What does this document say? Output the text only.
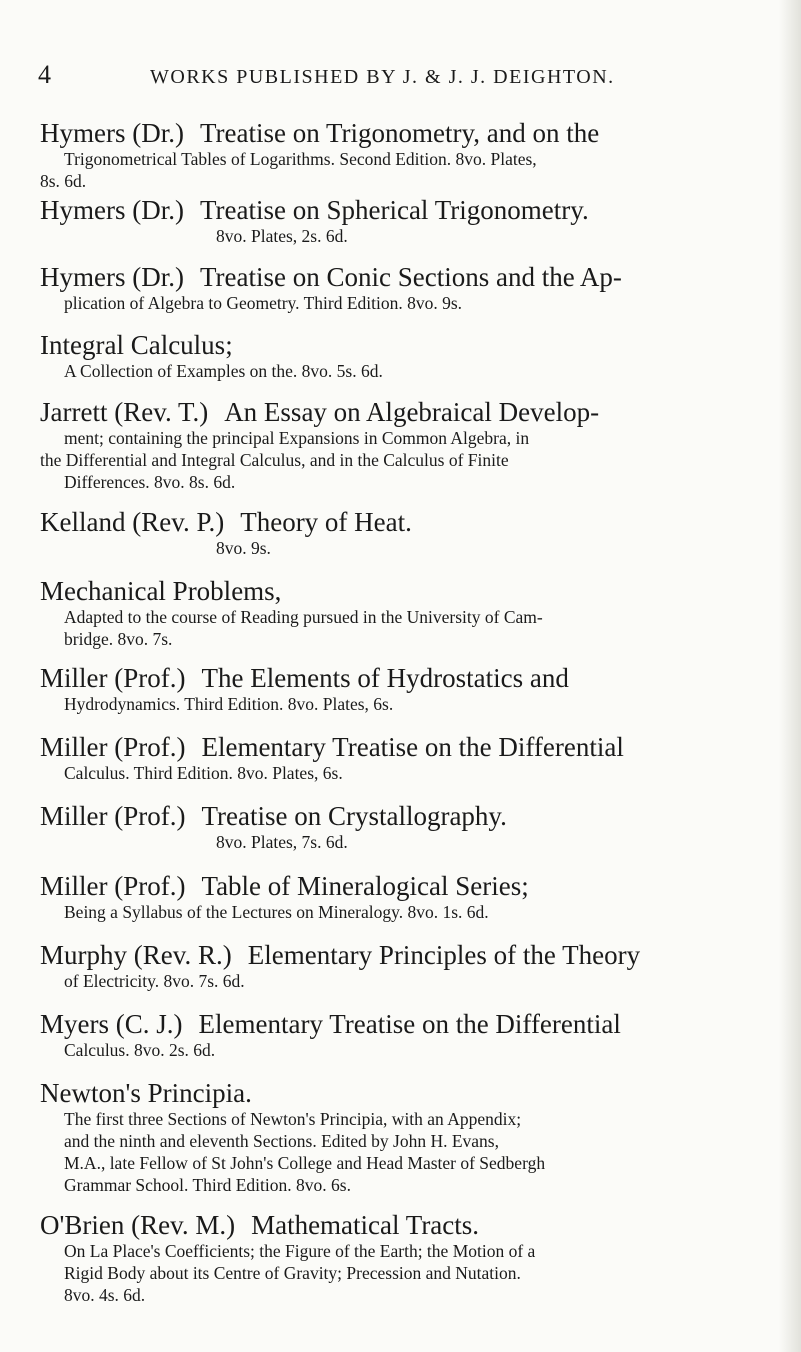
4	WORKS PUBLISHED BY J. & J. J. DEIGHTON.
Hymers (Dr.) Treatise on Trigonometry, and on the
Trigonometrical Tables of Logarithms. Second Edition. 8vo. Plates,
8s. 6d.
Hymers (Dr.) Treatise on Spherical Trigonometry.
8vo. Plates, 2s. 6d.
Hymers (Dr.) Treatise on Conic Sections and the Ap-
plication of Algebra to Geometry. Third Edition. 8vo. 9s.
Integral Calculus;
A Collection of Examples on the. 8vo. 5s. 6d.
Jarrett (Rev. T.) An Essay on Algebraical Develop-
ment; containing the principal Expansions in Common Algebra, in
the Differential and Integral Calculus, and in the Calculus of Finite
Differences. 8vo. 8s. 6d.
Kelland (Rev. P.) Theory of Heat.
8vo. 9s.
Mechanical Problems,
Adapted to the course of Reading pursued in the University of Cam-
bridge. 8vo. 7s.
Miller (Prof.) The Elements of Hydrostatics and
Hydrodynamics. Third Edition. 8vo. Plates, 6s.
Miller (Prof.) Elementary Treatise on the Differential
Calculus. Third Edition. 8vo. Plates, 6s.
Miller (Prof.) Treatise on Crystallography.
8vo. Plates, 7s. 6d.
Miller (Prof.) Table of Mineralogical Series;
Being a Syllabus of the Lectures on Mineralogy. 8vo. 1s. 6d.
Murphy (Rev. R.) Elementary Principles of the Theory
of Electricity. 8vo. 7s. 6d.
Myers (C. J.) Elementary Treatise on the Differential
Calculus. 8vo. 2s. 6d.
Newton's Principia.
The first three Sections of Newton's Principia, with an Appendix;
and the ninth and eleventh Sections. Edited by John H. Evans,
M.A., late Fellow of St John's College and Head Master of Sedbergh
Grammar School. Third Edition. 8vo. 6s.
O'Brien (Rev. M.) Mathematical Tracts.
On La Place's Coefficients; the Figure of the Earth; the Motion of a
Rigid Body about its Centre of Gravity; Precession and Nutation.
8vo. 4s. 6d.
